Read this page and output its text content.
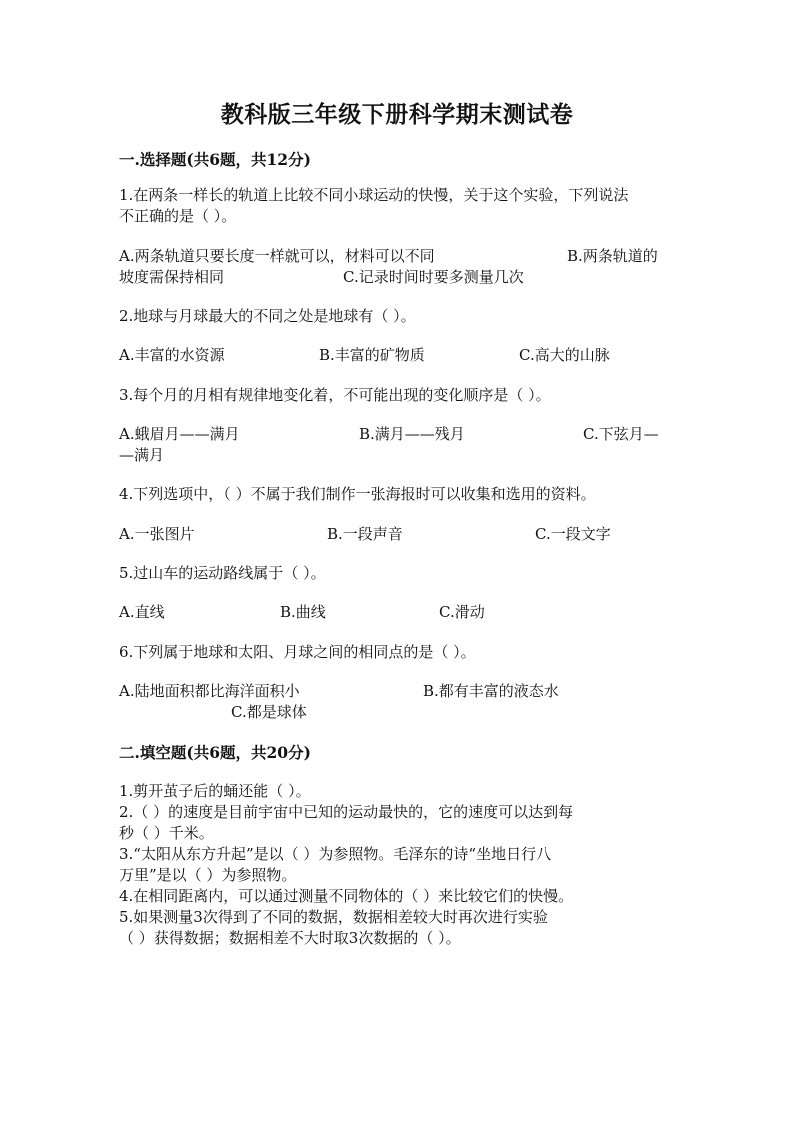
教科版三年级下册科学期末测试卷
一.选择题(共6题，共12分)
1.在两条一样长的轨道上比较不同小球运动的快慢，关于这个实验，下列说法
不正确的是（ ）。
A.两条轨道只要长度一样就可以，材料可以不同	B.两条轨道的
坡度需保持相同	C.记录时间时要多测量几次
2.地球与月球最大的不同之处是地球有（ ）。
A.丰富的水资源	B.丰富的矿物质	C.高大的山脉
3.每个月的月相有规律地变化着，不可能出现的变化顺序是（ ）。
A.蛾眉月——满月	B.满月——残月	C.下弦月—
—满月
4.下列选项中，（ ）不属于我们制作一张海报时可以收集和选用的资料。
A.一张图片	B.一段声音	C.一段文字
5.过山车的运动路线属于（ ）。
A.直线	B.曲线	C.滑动
6.下列属于地球和太阳、月球之间的相同点的是（ ）。
A.陆地面积都比海洋面积小	B.都有丰富的液态水
C.都是球体
二.填空题(共6题，共20分)
1.剪开茧子后的蛹还能（ ）。
2.（ ）的速度是目前宇宙中已知的运动最快的，它的速度可以达到每
秒（ ）千米。
3.“太阳从东方升起”是以（ ）为参照物。毛泽东的诗“坐地日行八
万里”是以（ ）为参照物。
4.在相同距离内，可以通过测量不同物体的（ ）来比较它们的快慢。
5.如果测量3次得到了不同的数据，数据相差较大时再次进行实验
（ ）获得数据；数据相差不大时取3次数据的（ ）。
